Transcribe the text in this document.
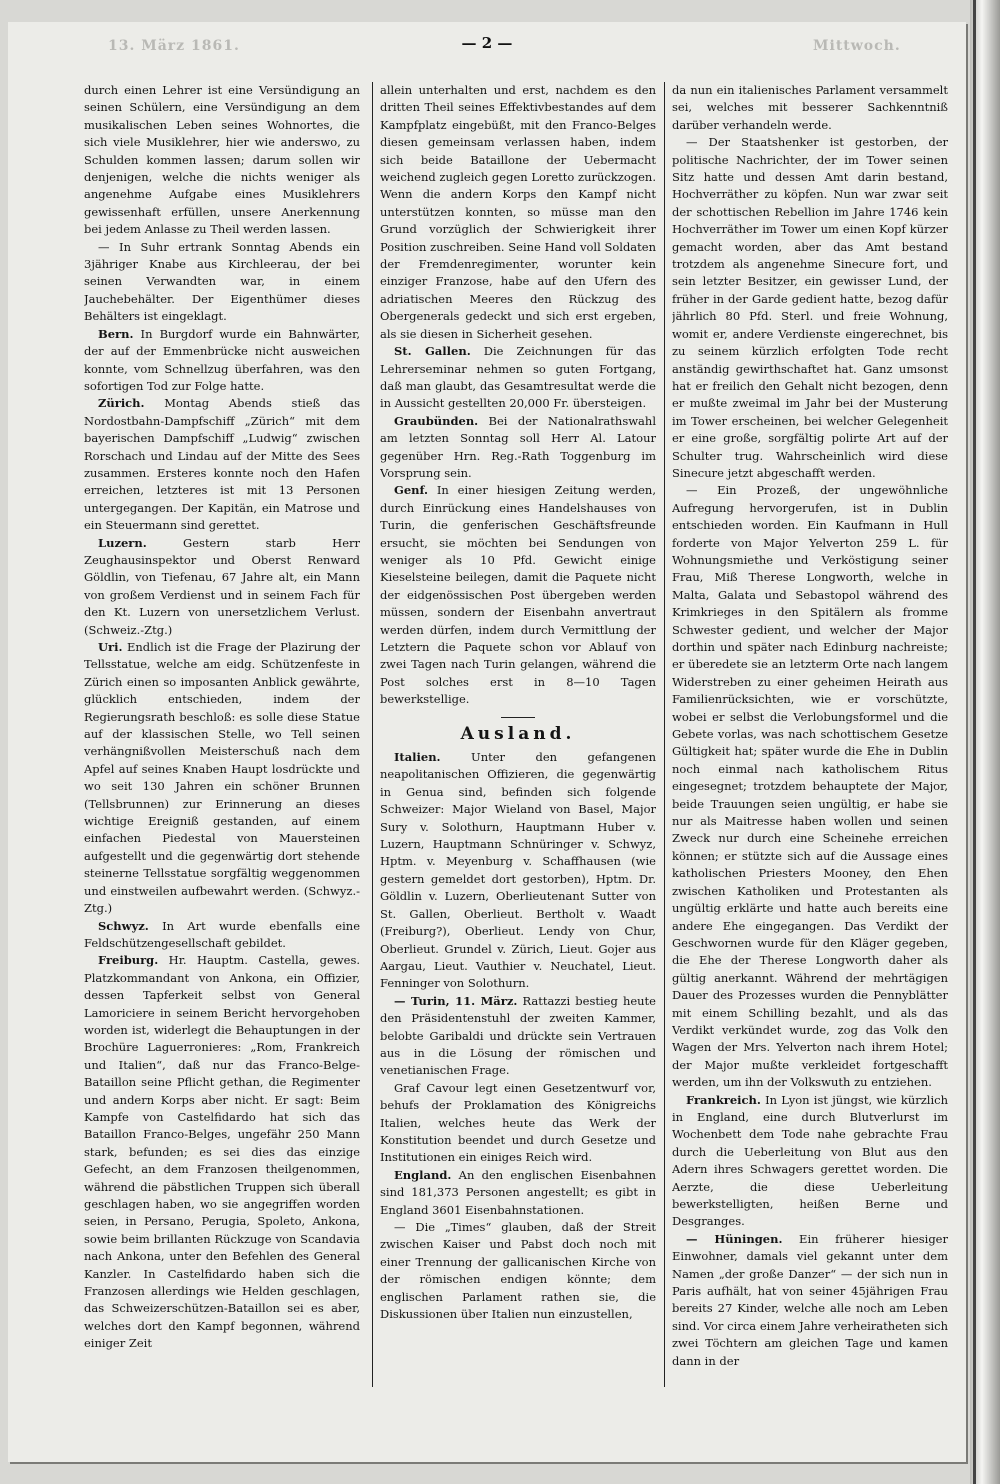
13. März 1861.	— 2 —	Mittwoch.

durch einen Lehrer ist eine Versündigung an seinen Schülern, eine Versündigung an dem musikalischen Leben seines Wohnortes, die sich viele Musiklehrer, hier wie anderswo, zu Schulden kommen lassen; darum sollen wir denjenigen, welche die nichts weniger als angenehme Aufgabe eines Musiklehrers gewissenhaft erfüllen, unsere Anerkennung bei jedem Anlasse zu Theil werden lassen.

— In Suhr ertrank Sonntag Abends ein 3jähriger Knabe aus Kirchleerau, der bei seinen Verwandten war, in einem Jauchebehälter. Der Eigenthümer dieses Behälters ist eingeklagt.

Bern. In Burgdorf wurde ein Bahnwärter, der auf der Emmenbrücke nicht ausweichen konnte, vom Schnellzug überfahren, was den sofortigen Tod zur Folge hatte.

Zürich. Montag Abends stieß das Nordostbahn-Dampfschiff „Zürich“ mit dem bayerischen Dampfschiff „Ludwig“ zwischen Rorschach und Lindau auf der Mitte des Sees zusammen. Ersteres konnte noch den Hafen erreichen, letzteres ist mit 13 Personen untergegangen. Der Kapitän, ein Matrose und ein Steuermann sind gerettet.

Luzern.	Gestern starb Herr Zeughausinspektor und Oberst Renward Göldlin, von Tiefenau, 67 Jahre alt, ein Mann von großem Verdienst und in seinem Fach für den Kt. Luzern von unersetzlichem Verlust. (Schweiz.-Ztg.)

Uri. Endlich ist die Frage der Plazirung der Tellsstatue, welche am eidg. Schützenfeste in Zürich einen so imposanten Anblick gewährte, glücklich entschieden, indem der Regierungsrath beschloß: es solle diese Statue auf der klassischen Stelle, wo Tell seinen verhängnißvollen Meisterschuß nach dem Apfel auf seines Knaben Haupt losdrückte und wo seit 130 Jahren ein schöner Brunnen (Tellsbrunnen) zur Erinnerung an dieses wichtige Ereigniß gestanden, auf einem einfachen Piedestal von Mauersteinen aufgestellt und die gegenwärtig dort stehende steinerne Tellsstatue sorgfältig weggenommen und einstweilen aufbewahrt werden. (Schwyz.-Ztg.)

Schwyz. In Art wurde ebenfalls eine Feldschützengesellschaft gebildet.

Freiburg. Hr. Hauptm. Castella, gewes. Platzkommandant von Ankona, ein Offizier, dessen Tapferkeit selbst von General Lamoriciere in seinem Bericht hervorgehoben worden ist, widerlegt die Behauptungen in der Brochüre Laguerronieres: „Rom, Frankreich und Italien“, daß nur das Franco-Belge-Bataillon seine Pflicht gethan, die Regimenter und andern Korps aber nicht. Er sagt: Beim Kampfe von Castelfidardo hat sich das Bataillon Franco-Belges, ungefähr 250 Mann stark, befunden; es sei dies das einzige Gefecht, an dem Franzosen theilgenommen, während die päbstlichen Truppen sich überall geschlagen haben, wo sie angegriffen worden seien, in Persano, Perugia, Spoleto, Ankona, sowie beim brillanten Rückzuge von Scandavia nach Ankona, unter den Befehlen des General Kanzler. In Castelfidardo haben sich die Franzosen allerdings wie Helden geschlagen, das Schweizerschützen-Bataillon sei es aber, welches dort den Kampf begonnen, während einiger Zeit

allein unterhalten und erst, nachdem es den dritten Theil seines Effektivbestandes auf dem Kampfplatz eingebüßt, mit den Franco-Belges diesen gemeinsam verlassen haben, indem sich beide Bataillone der Uebermacht weichend zugleich gegen Loretto zurückzogen. Wenn die andern Korps den Kampf nicht unterstützen konnten, so müsse man den Grund vorzüglich der Schwierigkeit ihrer Position zuschreiben. Seine Hand voll Soldaten der Fremdenregimenter, worunter kein einziger Franzose, habe auf den Ufern des adriatischen Meeres den Rückzug des Obergenerals gedeckt und sich erst ergeben, als sie diesen in Sicherheit gesehen.

St. Gallen. Die Zeichnungen für das Lehrerseminar nehmen so guten Fortgang, daß man glaubt, das Gesamtresultat werde die in Aussicht gestellten 20,000 Fr. übersteigen.

Graubünden. Bei der Nationalrathswahl am letzten Sonntag soll Herr Al. Latour gegenüber Hrn. Reg.-Rath Toggenburg im Vorsprung sein.

Genf. In einer hiesigen Zeitung werden, durch Einrückung eines Handelshauses von Turin, die genferischen Geschäftsfreunde ersucht, sie möchten bei Sendungen von weniger als 10 Pfd. Gewicht einige Kieselsteine beilegen, damit die Paquete nicht der eidgenössischen Post übergeben werden müssen, sondern der Eisenbahn anvertraut werden dürfen, indem durch Vermittlung der Letztern die Paquete schon vor Ablauf von zwei Tagen nach Turin gelangen, während die Post solches erst in 8—10 Tagen bewerkstellige.

Ausland.

Italien.	Unter den gefangenen neapolitanischen Offizieren, die gegenwärtig in Genua sind, befinden sich folgende Schweizer: Major Wieland von Basel, Major Sury v. Solothurn, Hauptmann Huber v. Luzern, Hauptmann Schnüringer v. Schwyz, Hptm. v. Meyenburg v. Schaffhausen (wie gestern gemeldet dort gestorben), Hptm. Dr. Göldlin v. Luzern, Oberlieutenant Sutter von St. Gallen, Oberlieut. Bertholt v. Waadt (Freiburg?), Oberlieut. Lendy von Chur, Oberlieut. Grundel v. Zürich, Lieut. Gojer aus Aargau, Lieut. Vauthier v. Neuchatel, Lieut. Fenninger von Solothurn.

— Turin, 11. März. Rattazzi bestieg heute den Präsidentenstuhl der zweiten Kammer, belobte Garibaldi und drückte sein Vertrauen aus in die Lösung der römischen und venetianischen Frage.

Graf Cavour legt einen Gesetzentwurf vor, behufs der Proklamation des Königreichs Italien, welches heute das Werk der Konstitution beendet und durch Gesetze und Institutionen ein einiges Reich wird.

England. An den englischen Eisenbahnen sind 181,373 Personen angestellt; es gibt in England 3601 Eisenbahnstationen.

— Die „Times“ glauben, daß der Streit zwischen Kaiser und Pabst doch noch mit einer Trennung der gallicanischen Kirche von der römischen endigen könnte; dem englischen Parlament rathen sie, die Diskussionen über Italien nun einzustellen,

da nun ein italienisches Parlament versammelt sei, welches mit besserer Sachkenntniß darüber verhandeln werde.

— Der Staatshenker ist gestorben, der politische Nachrichter, der im Tower seinen Sitz hatte und dessen Amt darin bestand, Hochverräther zu köpfen. Nun war zwar seit der schottischen Rebellion im Jahre 1746 kein Hochverräther im Tower um einen Kopf kürzer gemacht worden, aber das Amt bestand trotzdem als angenehme Sinecure fort, und sein letzter Besitzer, ein gewisser Lund, der früher in der Garde gedient hatte, bezog dafür jährlich 80 Pfd. Sterl. und freie Wohnung, womit er, andere Verdienste eingerechnet, bis zu seinem kürzlich erfolgten Tode recht anständig gewirthschaftet hat. Ganz umsonst hat er freilich den Gehalt nicht bezogen, denn er mußte zweimal im Jahr bei der Musterung im Tower erscheinen, bei welcher Gelegenheit er eine große, sorgfältig polirte Art auf der Schulter trug. Wahrscheinlich wird diese Sinecure jetzt abgeschafft werden.

— Ein Prozeß, der ungewöhnliche Aufregung hervorgerufen, ist in Dublin entschieden worden. Ein Kaufmann in Hull forderte von Major Yelverton 259 L. für Wohnungsmiethe und Verköstigung seiner Frau, Miß Therese Longworth, welche in Malta, Galata und Sebastopol während des Krimkrieges in den Spitälern als fromme Schwester gedient, und welcher der Major dorthin und später nach Edinburg nachreiste; er überedete sie an letzterm Orte nach langem Widerstreben zu einer geheimen Heirath aus Familienrücksichten, wie er vorschützte, wobei er selbst die Verlobungsformel und die Gebete vorlas, was nach schottischem Gesetze Gültigkeit hat; später wurde die Ehe in Dublin noch einmal nach katholischem Ritus eingesegnet; trotzdem behauptete der Major, beide Trauungen seien ungültig, er habe sie nur als Maitresse haben wollen und seinen Zweck nur durch eine Scheinehe erreichen können; er stützte sich auf die Aussage eines katholischen Priesters Mooney, den Ehen zwischen Katholiken und Protestanten als ungültig erklärte und hatte auch bereits eine andere Ehe eingegangen. Das Verdikt der Geschwornen wurde für den Kläger gegeben, die Ehe der Therese Longworth daher als gültig anerkannt. Während der mehrtägigen Dauer des Prozesses wurden die Pennyblätter mit einem Schilling bezahlt, und als das Verdikt verkündet wurde, zog das Volk den Wagen der Mrs. Yelverton nach ihrem Hotel; der Major mußte verkleidet fortgeschafft werden, um ihn der Volkswuth zu entziehen.

Frankreich. In Lyon ist jüngst, wie kürzlich in England, eine durch Blutverlurst im Wochenbett dem Tode nahe gebrachte Frau durch die Ueberleitung von Blut aus den Adern ihres Schwagers gerettet worden. Die Aerzte, die diese Ueberleitung bewerkstelligten, heißen Berne und Desgranges.

— Hüningen. Ein früherer hiesiger Einwohner, damals viel gekannt unter dem Namen „der große Danzer“ — der sich nun in Paris aufhält, hat von seiner 45jährigen Frau bereits 27 Kinder, welche alle noch am Leben sind. Vor circa einem Jahre verheiratheten sich zwei Töchtern am gleichen Tage und kamen dann in der
